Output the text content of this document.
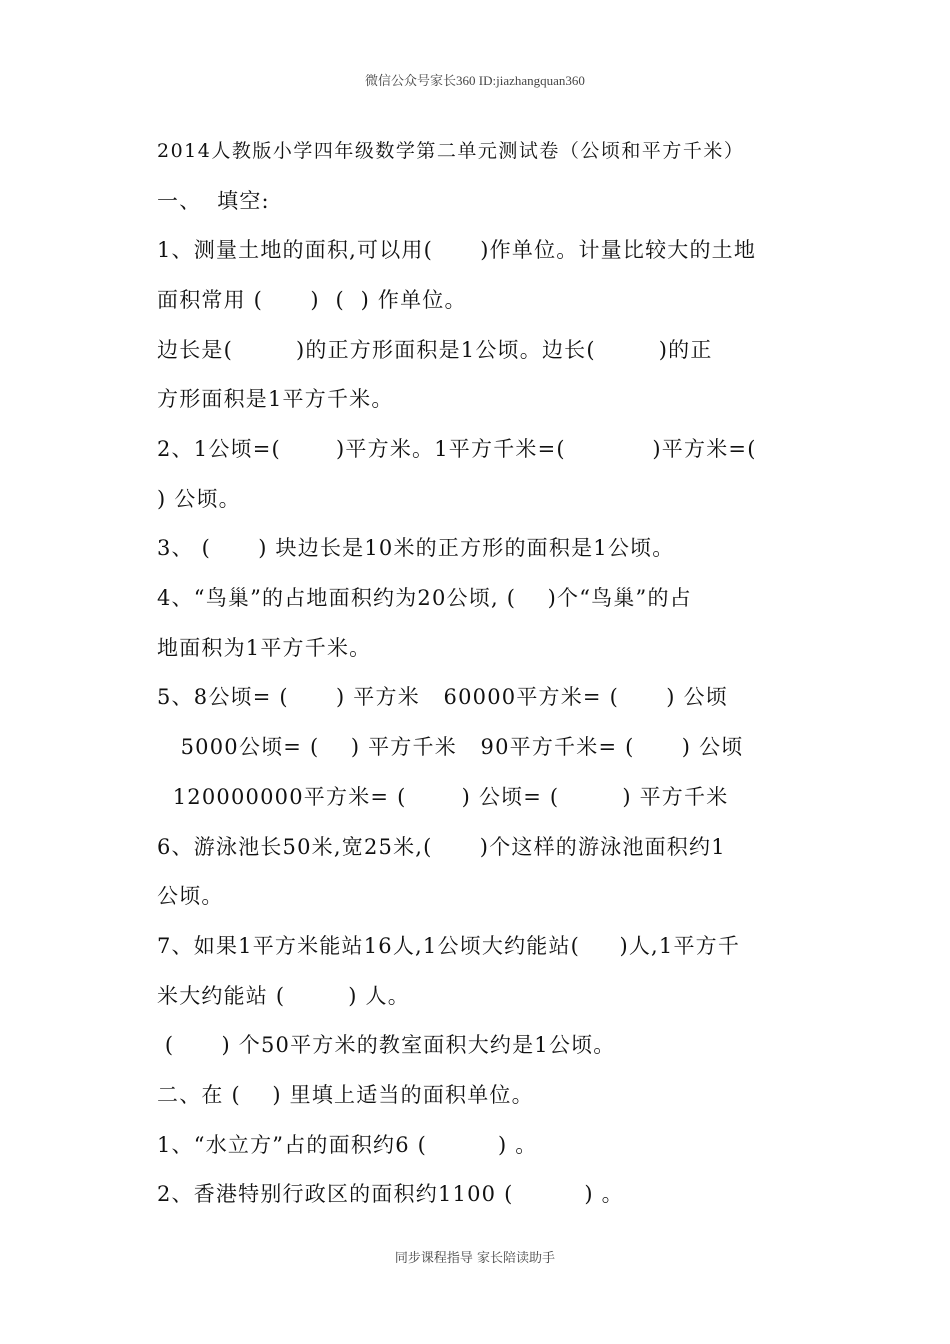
微信公众号家长360 ID:jiazhangquan360
2014人教版小学四年级数学第二单元测试卷（公顷和平方千米）
一、  填空:
1、测量土地的面积,可以用(      )作单位。计量比较大的土地
面积常用 (      )  (  ) 作单位。
边长是(        )的正方形面积是1公顷。边长(        )的正
方形面积是1平方千米。
2、1公顷=(       )平方米。1平方千米=(           )平方米=(
) 公顷。
3、 (      ) 块边长是10米的正方形的面积是1公顷。
4、“鸟巢”的占地面积约为20公顷, (    )个“鸟巢”的占
地面积为1平方千米。
5、8公顷= (      ) 平方米   60000平方米= (      ) 公顷
5000公顷= (    ) 平方千米   90平方千米= (      ) 公顷
120000000平方米= (       ) 公顷= (        ) 平方千米
6、游泳池长50米,宽25米,(      )个这样的游泳池面积约1
公顷。
7、如果1平方米能站16人,1公顷大约能站(     )人,1平方千
米大约能站 (        ) 人。
(      ) 个50平方米的教室面积大约是1公顷。
二、在 (    ) 里填上适当的面积单位。
1、“水立方”占的面积约6 (         ) 。
2、香港特别行政区的面积约1100 (         ) 。
同步课程指导 家长陪读助手
